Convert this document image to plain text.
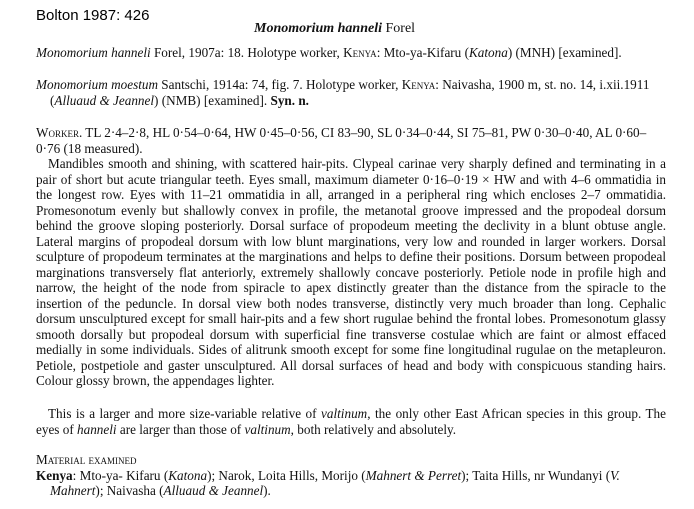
Bolton 1987: 426
Monomorium hanneli Forel

Monomorium hanneli Forel, 1907a: 18. Holotype worker, Kenya: Mto-ya-Kifaru (Katona) (MNH) [examined].

Monomorium moestum Santschi, 1914a: 74, fig. 7. Holotype worker, Kenya: Naivasha, 1900 m, st. no. 14, i.xii.1911 (Alluaud & Jeannel) (NMB) [examined]. Syn. n.

Worker. TL 2·4–2·8, HL 0·54–0·64, HW 0·45–0·56, CI 83–90, SL 0·34–0·44, SI 75–81, PW 0·30–0·40, AL 0·60–0·76 (18 measured).

Mandibles smooth and shining, with scattered hair-pits. Clypeal carinae very sharply defined and terminating in a pair of short but acute triangular teeth. Eyes small, maximum diameter 0·16–0·19 × HW and with 4–6 ommatidia in the longest row. Eyes with 11–21 ommatidia in all, arranged in a peripheral ring which encloses 2–7 ommatidia. Promesonotum evenly but shallowly convex in profile, the metanotal groove impressed and the propodeal dorsum behind the groove sloping posteriorly. Dorsal surface of propodeum meeting the declivity in a blunt obtuse angle. Lateral margins of propodeal dorsum with low blunt marginations, very low and rounded in larger workers. Dorsal sculpture of propodeum terminates at the marginations and helps to define their positions. Dorsum between propodeal marginations transversely flat anteriorly, extremely shallowly concave posteriorly. Petiole node in profile high and narrow, the height of the node from spiracle to apex distinctly greater than the distance from the spiracle to the insertion of the peduncle. In dorsal view both nodes transverse, distinctly very much broader than long. Cephalic dorsum unsculptured except for small hair-pits and a few short rugulae behind the frontal lobes. Promesonotum glassy smooth dorsally but propodeal dorsum with superficial fine transverse costulae which are faint or almost effaced medially in some individuals. Sides of alitrunk smooth except for some fine longitudinal rugulae on the metapleuron. Petiole, postpetiole and gaster unsculptured. All dorsal surfaces of head and body with conspicuous standing hairs. Colour glossy brown, the appendages lighter.

This is a larger and more size-variable relative of valtinum, the only other East African species in this group. The eyes of hanneli are larger than those of valtinum, both relatively and absolutely.

Material examined

Kenya: Mto-ya- Kifaru (Katona); Narok, Loita Hills, Morijo (Mahnert & Perret); Taita Hills, nr Wundanyi (V. Mahnert); Naivasha (Alluaud & Jeannel).
